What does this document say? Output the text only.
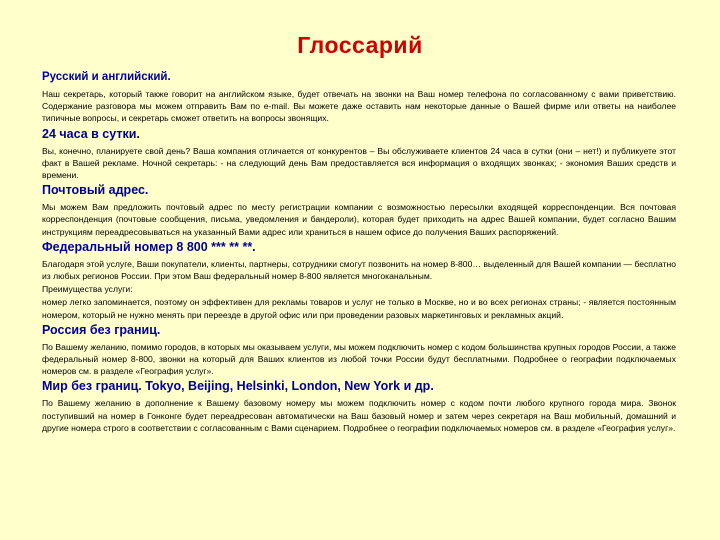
Глоссарий
Русский и английский.
Наш секретарь, который также говорит на английском языке, будет отвечать на звонки на Ваш номер телефона по согласованному с вами приветствию. Содержание разговора мы можем отправить Вам по e-mail. Вы можете даже оставить нам некоторые данные о Вашей фирме или ответы на наиболее типичные вопросы, и секретарь сможет ответить на вопросы звонящих.
24 часа в сутки.
Вы, конечно, планируете свой день? Ваша компания отличается от конкурентов – Вы обслуживаете клиентов 24 часа в сутки (они – нет!) и публикуете этот факт в Вашей рекламе. Ночной секретарь: - на следующий день Вам предоставляется вся информация о входящих звонках; - экономия Ваших средств и времени.
Почтовый адрес.
Мы можем Вам предложить почтовый адрес по месту регистрации компании с возможностью пересылки входящей корреспонденции. Вся почтовая корреспонденция (почтовые сообщения, письма, уведомления и бандероли), которая будет приходить на адрес Вашей компании, будет согласно Вашим инструкциям переадресовываться на указанный Вами адрес или храниться в нашем офисе до получения Ваших распоряжений.
Федеральный номер 8 800 *** ** **.
Благодаря этой услуге, Ваши покупатели, клиенты, партнеры, сотрудники смогут позвонить на номер 8-800… выделенный для Вашей компании — бесплатно из любых регионов России. При этом Ваш федеральный номер 8-800 является многоканальным.
Преимущества услуги:
номер легко запоминается, поэтому он эффективен для рекламы товаров и услуг не только в Москве, но и во всех регионах страны; - является постоянным номером, который не нужно менять при переезде в другой офис или при проведении разовых маркетинговых и рекламных акций.
Россия без границ.
По Вашему желанию, помимо городов, в которых мы оказываем услуги, мы можем подключить номер с кодом большинства крупных городов России, а также федеральный номер 8-800, звонки на который для Ваших клиентов из любой точки России будут бесплатными. Подробнее о географии подключаемых номеров см. в разделе «География услуг».
Мир без границ. Tokyo, Beijing, Helsinki, London, New York и др.
По Вашему желанию в дополнение к Вашему базовому номеру мы можем подключить номер с кодом почти любого крупного города мира. Звонок поступивший на номер в Гонконге будет переадресован автоматически на Ваш базовый номер и затем через секретаря на Ваш мобильный, домашний и другие номера строго в соответствии с согласованным с Вами сценарием. Подробнее о географии подключаемых номеров см. в разделе «География услуг».
